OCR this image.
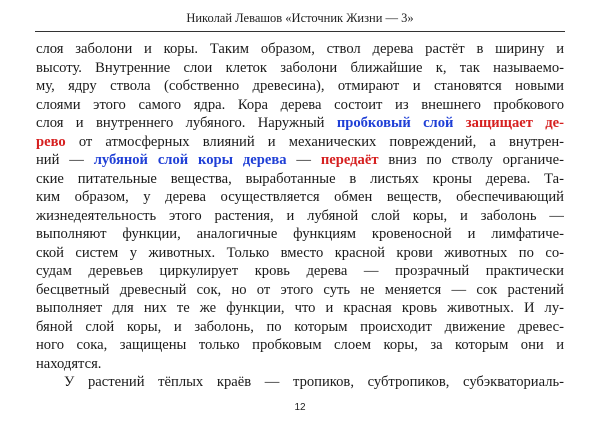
Николай Левашов «Источник Жизни — 3»
слоя заболони и коры. Таким образом, ствол дерева растёт в ширину и
высоту. Внутренние слои клеток заболони ближайшие к, так называемо-
му, ядру ствола (собственно древесина), отмирают и становятся новыми
слоями этого самого ядра. Кора дерева состоит из внешнего пробкового
слоя и внутреннего лубяного. Наружный пробковый слой защищает де-
рево от атмосферных влияний и механических повреждений, а внутрен-
ний — лубяной слой коры дерева — передаёт вниз по стволу органиче-
ские питательные вещества, выработанные в листьях кроны дерева. Та-
ким образом, у дерева осуществляется обмен веществ, обеспечивающий
жизнедеятельность этого растения, и лубяной слой коры, и заболонь —
выполняют функции, аналогичные функциям кровеносной и лимфатиче-
ской систем у животных. Только вместо красной крови животных по со-
судам деревьев циркулирует кровь дерева — прозрачный практически
бесцветный древесный сок, но от этого суть не меняется — сок растений
выполняет для них те же функции, что и красная кровь животных. И лу-
бяной слой коры, и заболонь, по которым происходит движение древес-
ного сока, защищены только пробковым слоем коры, за которым они и
находятся.
У растений тёплых краёв — тропиков, субтропиков, субэкваториаль-
12
